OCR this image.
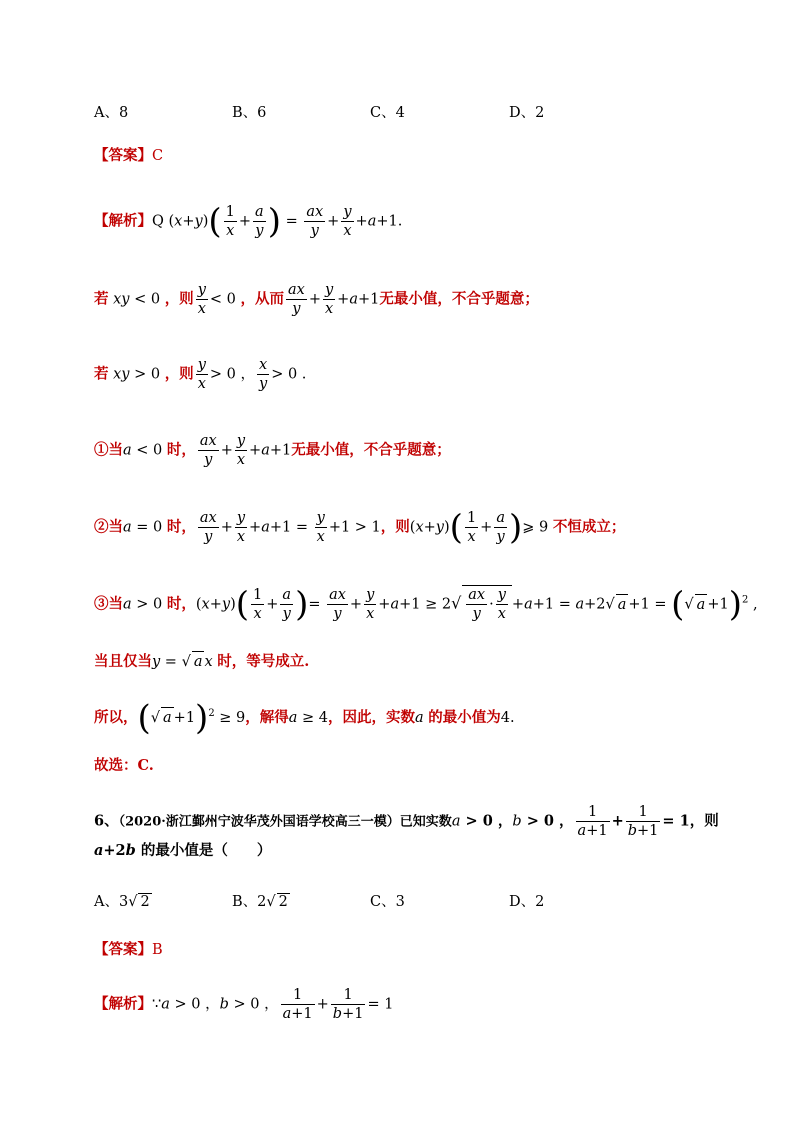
A、8	B、6	C、4	D、2
【答案】C
【解析】Q $(x+y)( \frac{1}{x} + \frac{a}{y}$ ) = $\frac{ax}{y} + \frac{y}{x} +a+1$.
若 xy < 0 ，则 $\frac{y}{x} < 0$ ，从而 $\frac{ax}{y} + \frac{y}{x} +a+1$无最小值，不合乎题意；
若 xy > 0 ，则 $\frac{y}{x} > 0$ ， $\frac{x}{y} > 0$ .
①当a < 0 时， $\frac{ax}{y} + \frac{y}{x} +a+1$无最小值，不合乎题意；
②当a = 0 时， $\frac{ax}{y} + \frac{y}{x} +a+1 = \frac{y}{x} +1 > 1$，则$(x+y)( \frac{1}{x} + \frac{a}{y}$ )⩾ 9 不恒成立；
③当a > 0 时，$(x+y)( \frac{1}{x} + \frac{a}{y}$ )= $\frac{ax}{y} + \frac{y}{x} +a+1 \ge 2√ \frac{ax}{y} \cdot \frac{y}{x} +a+1 = a+2√$ a +1 = (√ a +1)$^2$ ,
当且仅当y = √ a x 时，等号成立.
所以，(√ a +1)$^2$ ≥ 9，解得a ≥ 4，因此，实数a 的最小值为4.
故选：C.
6、（2020·浙江鄞州宁波华茂外国语学校高三一模）已知实数a > 0 ，b > 0 ， $\frac{1}{a+1} + \frac{1}{b+1} = 1$，则
a+2b 的最小值是（　　）
A、3√ 2	B、2√ 2	C、3	D、2
【答案】B
【解析】∵a > 0 ，b > 0 ， $\frac{1}{a+1} + \frac{1}{b+1} = 1$
